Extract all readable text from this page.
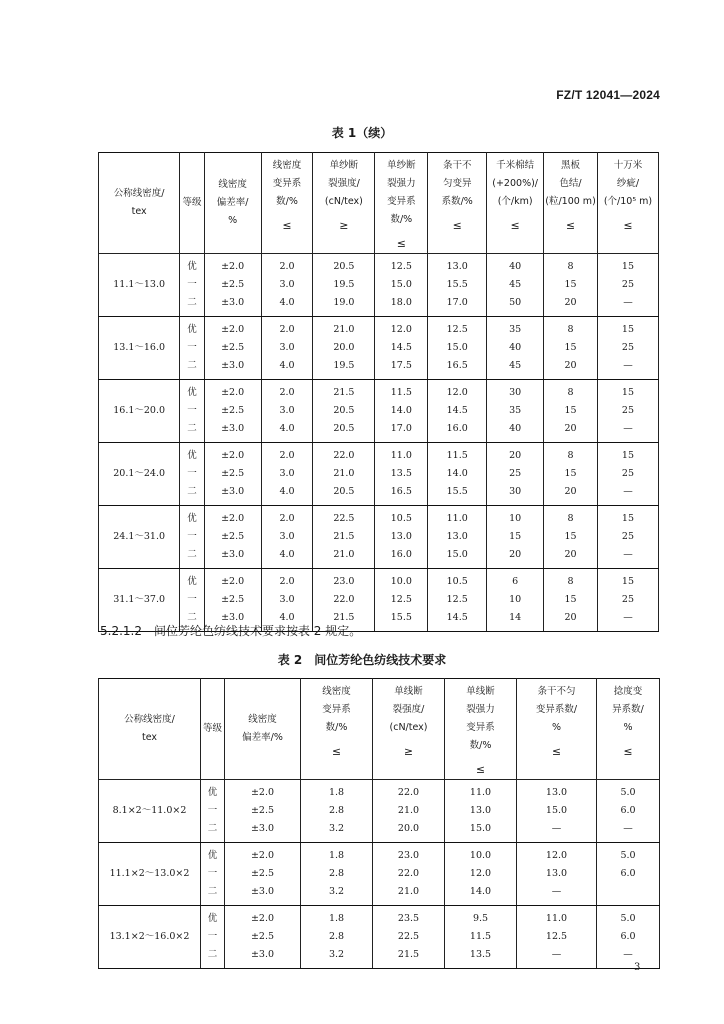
FZ/T 12041—2024
表 1（续）
公称线密度/
tex	等级	线密度
偏差率/
%	线密度
变异系
数/%
≤	单纱断
裂强度/
(cN/tex)
≥	单纱断
裂强力
变异系
数/%
≤	条干不
匀变异
系数/%
≤	千米棉结
(+200%)/
(个/km)
≤	黑板
色结/
(粒/100 m)
≤	十万米
纱疵/
(个/10⁵ m)
≤

11.1～13.0	优	±2.0	2.0	20.5	12.5	13.0	40	8	15
	一	±2.5	3.0	19.5	15.0	15.5	45	15	25
	二	±3.0	4.0	19.0	18.0	17.0	50	20	—
13.1～16.0	优	±2.0	2.0	21.0	12.0	12.5	35	8	15
	一	±2.5	3.0	20.0	14.5	15.0	40	15	25
	二	±3.0	4.0	19.5	17.5	16.5	45	20	—
16.1～20.0	优	±2.0	2.0	21.5	11.5	12.0	30	8	15
	一	±2.5	3.0	20.5	14.0	14.5	35	15	25
	二	±3.0	4.0	20.5	17.0	16.0	40	20	—
20.1～24.0	优	±2.0	2.0	22.0	11.0	11.5	20	8	15
	一	±2.5	3.0	21.0	13.5	14.0	25	15	25
	二	±3.0	4.0	20.5	16.5	15.5	30	20	—
24.1～31.0	优	±2.0	2.0	22.5	10.5	11.0	10	8	15
	一	±2.5	3.0	21.5	13.0	13.0	15	15	25
	二	±3.0	4.0	21.0	16.0	15.0	20	20	—
31.1～37.0	优	±2.0	2.0	23.0	10.0	10.5	6	8	15
	一	±2.5	3.0	22.0	12.5	12.5	10	15	25
	二	±3.0	4.0	21.5	15.5	14.5	14	20	—
5.2.1.2　间位芳纶色纺线技术要求按表 2 规定。
表 2　间位芳纶色纺线技术要求
公称线密度/
tex	等级	线密度
偏差率/%	线密度
变异系
数/%
≤	单线断
裂强度/
(cN/tex)
≥	单线断
裂强力
变异系
数/%
≤	条干不匀
变异系数/
%
≤	捻度变
异系数/
%
≤

8.1×2～11.0×2	优	±2.0	1.8	22.0	11.0	13.0	5.0
	一	±2.5	2.8	21.0	13.0	15.0	6.0
	二	±3.0	3.2	20.0	15.0	—	—
11.1×2～13.0×2	优	±2.0	1.8	23.0	10.0	12.0	5.0
	一	±2.5	2.8	22.0	12.0	13.0	6.0
	二	±3.0	3.2	21.0	14.0	—	
13.1×2～16.0×2	优	±2.0	1.8	23.5	9.5	11.0	5.0
	一	±2.5	2.8	22.5	11.5	12.5	6.0
	二	±3.0	3.2	21.5	13.5	—	—
3
